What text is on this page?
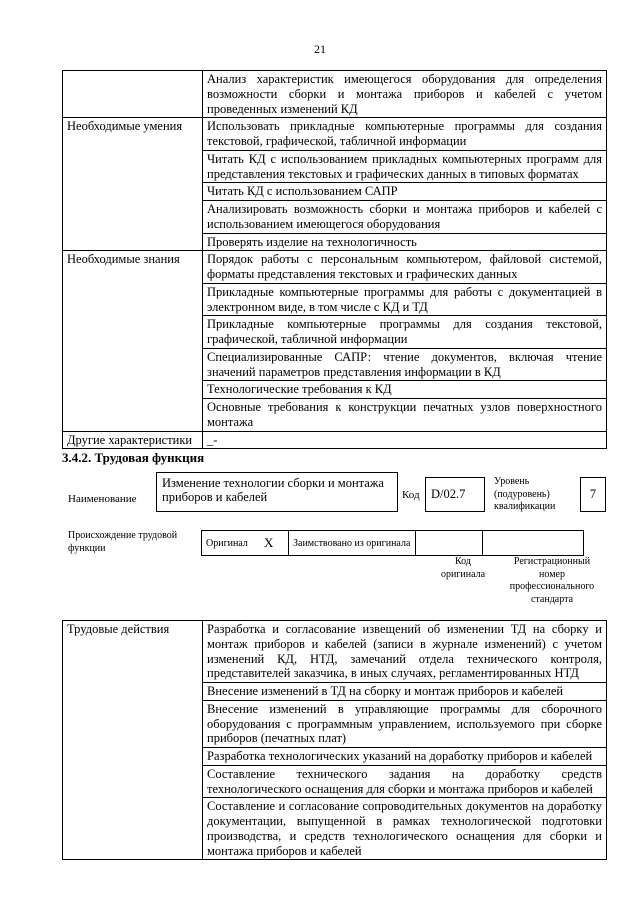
21
	Анализ характеристик имеющегося оборудования для определения возможности сборки и монтажа приборов и кабелей с учетом проведенных изменений КД
Необходимые умения	Использовать прикладные компьютерные программы для создания текстовой, графической, табличной информации
	Читать КД с использованием прикладных компьютерных программ для представления текстовых и графических данных в типовых форматах
	Читать КД с использованием САПР
	Анализировать возможность сборки и монтажа приборов и кабелей с использованием имеющегося оборудования
	Проверять изделие на технологичность
Необходимые знания	Порядок работы с персональным компьютером, файловой системой, форматы представления текстовых и графических данных
	Прикладные компьютерные программы для работы с документацией в электронном виде, в том числе с КД и ТД
	Прикладные компьютерные программы для создания текстовой, графической, табличной информации
	Специализированные САПР: чтение документов, включая чтение значений параметров представления информации в КД
	Технологические требования к КД
	Основные требования к конструкции печатных узлов поверхностного монтажа
Другие характеристики	_-
3.4.2. Трудовая функция
Наименование
Изменение технологии сборки и монтажа приборов и кабелей	Код D/02.7
Уровень (подуровень) квалификации
7
Происхождение трудовой функции	Оригинал	X	Заимствовано из оригинала		
Код оригинала
Регистрационный номер профессионального стандарта
Трудовые действия	Разработка и согласование извещений об изменении ТД на сборку и монтаж приборов и кабелей (записи в журнале изменений) с учетом изменений КД, НТД, замечаний отдела технического контроля, представителей заказчика, в иных случаях, регламентированных НТД
Внесение изменений в ТД на сборку и монтаж приборов и кабелей
Внесение изменений в управляющие программы для сборочного оборудования с программным управлением, используемого при сборке приборов (печатных плат)
Разработка технологических указаний на доработку приборов и кабелей
Составление технического задания на доработку средств технологического оснащения для сборки и монтажа приборов и кабелей
Составление и согласование сопроводительных документов на доработку документации, выпущенной в рамках технологической подготовки производства, и средств технологического оснащения для сборки и монтажа приборов и кабелей
